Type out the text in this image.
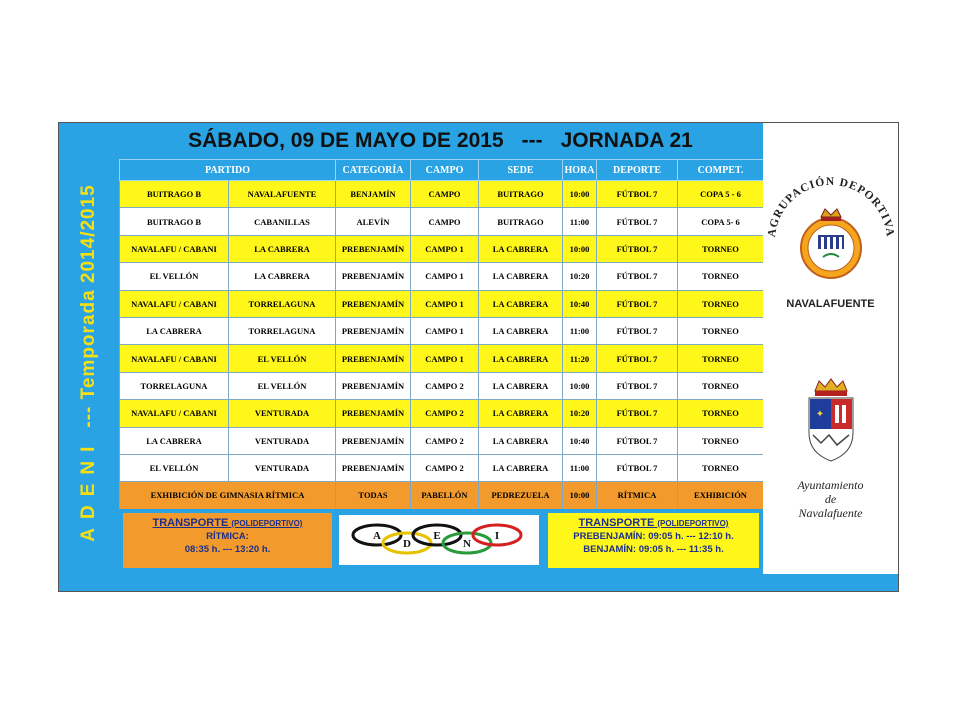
ADENI--- Temporada 2014/2015
SÁBADO, 09 DE MAYO DE 2015 --- JORNADA 21
PARTIDO		CATEGORÍA	CAMPO	SEDE	HORA	DEPORTE	COMPET.
BUITRAGO B	NAVALAFUENTE	BENJAMÍN	CAMPO	BUITRAGO	10:00	FÚTBOL 7	COPA 5 - 6
BUITRAGO B	CABANILLAS	ALEVÍN	CAMPO	BUITRAGO	11:00	FÚTBOL 7	COPA 5- 6
NAVALAFU / CABANI	LA CABRERA	PREBENJAMÍN	CAMPO 1	LA CABRERA	10:00	FÚTBOL 7	TORNEO
EL VELLÓN	LA CABRERA	PREBENJAMÍN	CAMPO 1	LA CABRERA	10:20	FÚTBOL 7	TORNEO
NAVALAFU / CABANI	TORRELAGUNA	PREBENJAMÍN	CAMPO 1	LA CABRERA	10:40	FÚTBOL 7	TORNEO
LA CABRERA	TORRELAGUNA	PREBENJAMÍN	CAMPO 1	LA CABRERA	11:00	FÚTBOL 7	TORNEO
NAVALAFU / CABANI	EL VELLÓN	PREBENJAMÍN	CAMPO 1	LA CABRERA	11:20	FÚTBOL 7	TORNEO
TORRELAGUNA	EL VELLÓN	PREBENJAMÍN	CAMPO 2	LA CABRERA	10:00	FÚTBOL 7	TORNEO
NAVALAFU / CABANI	VENTURADA	PREBENJAMÍN	CAMPO 2	LA CABRERA	10:20	FÚTBOL 7	TORNEO
LA CABRERA	VENTURADA	PREBENJAMÍN	CAMPO 2	LA CABRERA	10:40	FÚTBOL 7	TORNEO
EL VELLÓN	VENTURADA	PREBENJAMÍN	CAMPO 2	LA CABRERA	11:00	FÚTBOL 7	TORNEO
EXHIBICIÓN DE GIMNASIA RÍTMICA		TODAS	PABELLÓN	PEDREZUELA	10:00	RÍTMICA	EXHIBICIÓN
TRANSPORTE (POLIDEPORTIVO)
RÍTMICA:
08:35 h. --- 13:20 h.
A
D
E
N
I
TRANSPORTE (POLIDEPORTIVO)
PREBENJAMÍN: 09:05 h. --- 12:10 h.
BENJAMÍN: 09:05 h. --- 11:35 h.
AGRUPACIÓN DEPORTIVA
NAVALAFUENTE
✦
Ayuntamiento
de
Navalafuente
